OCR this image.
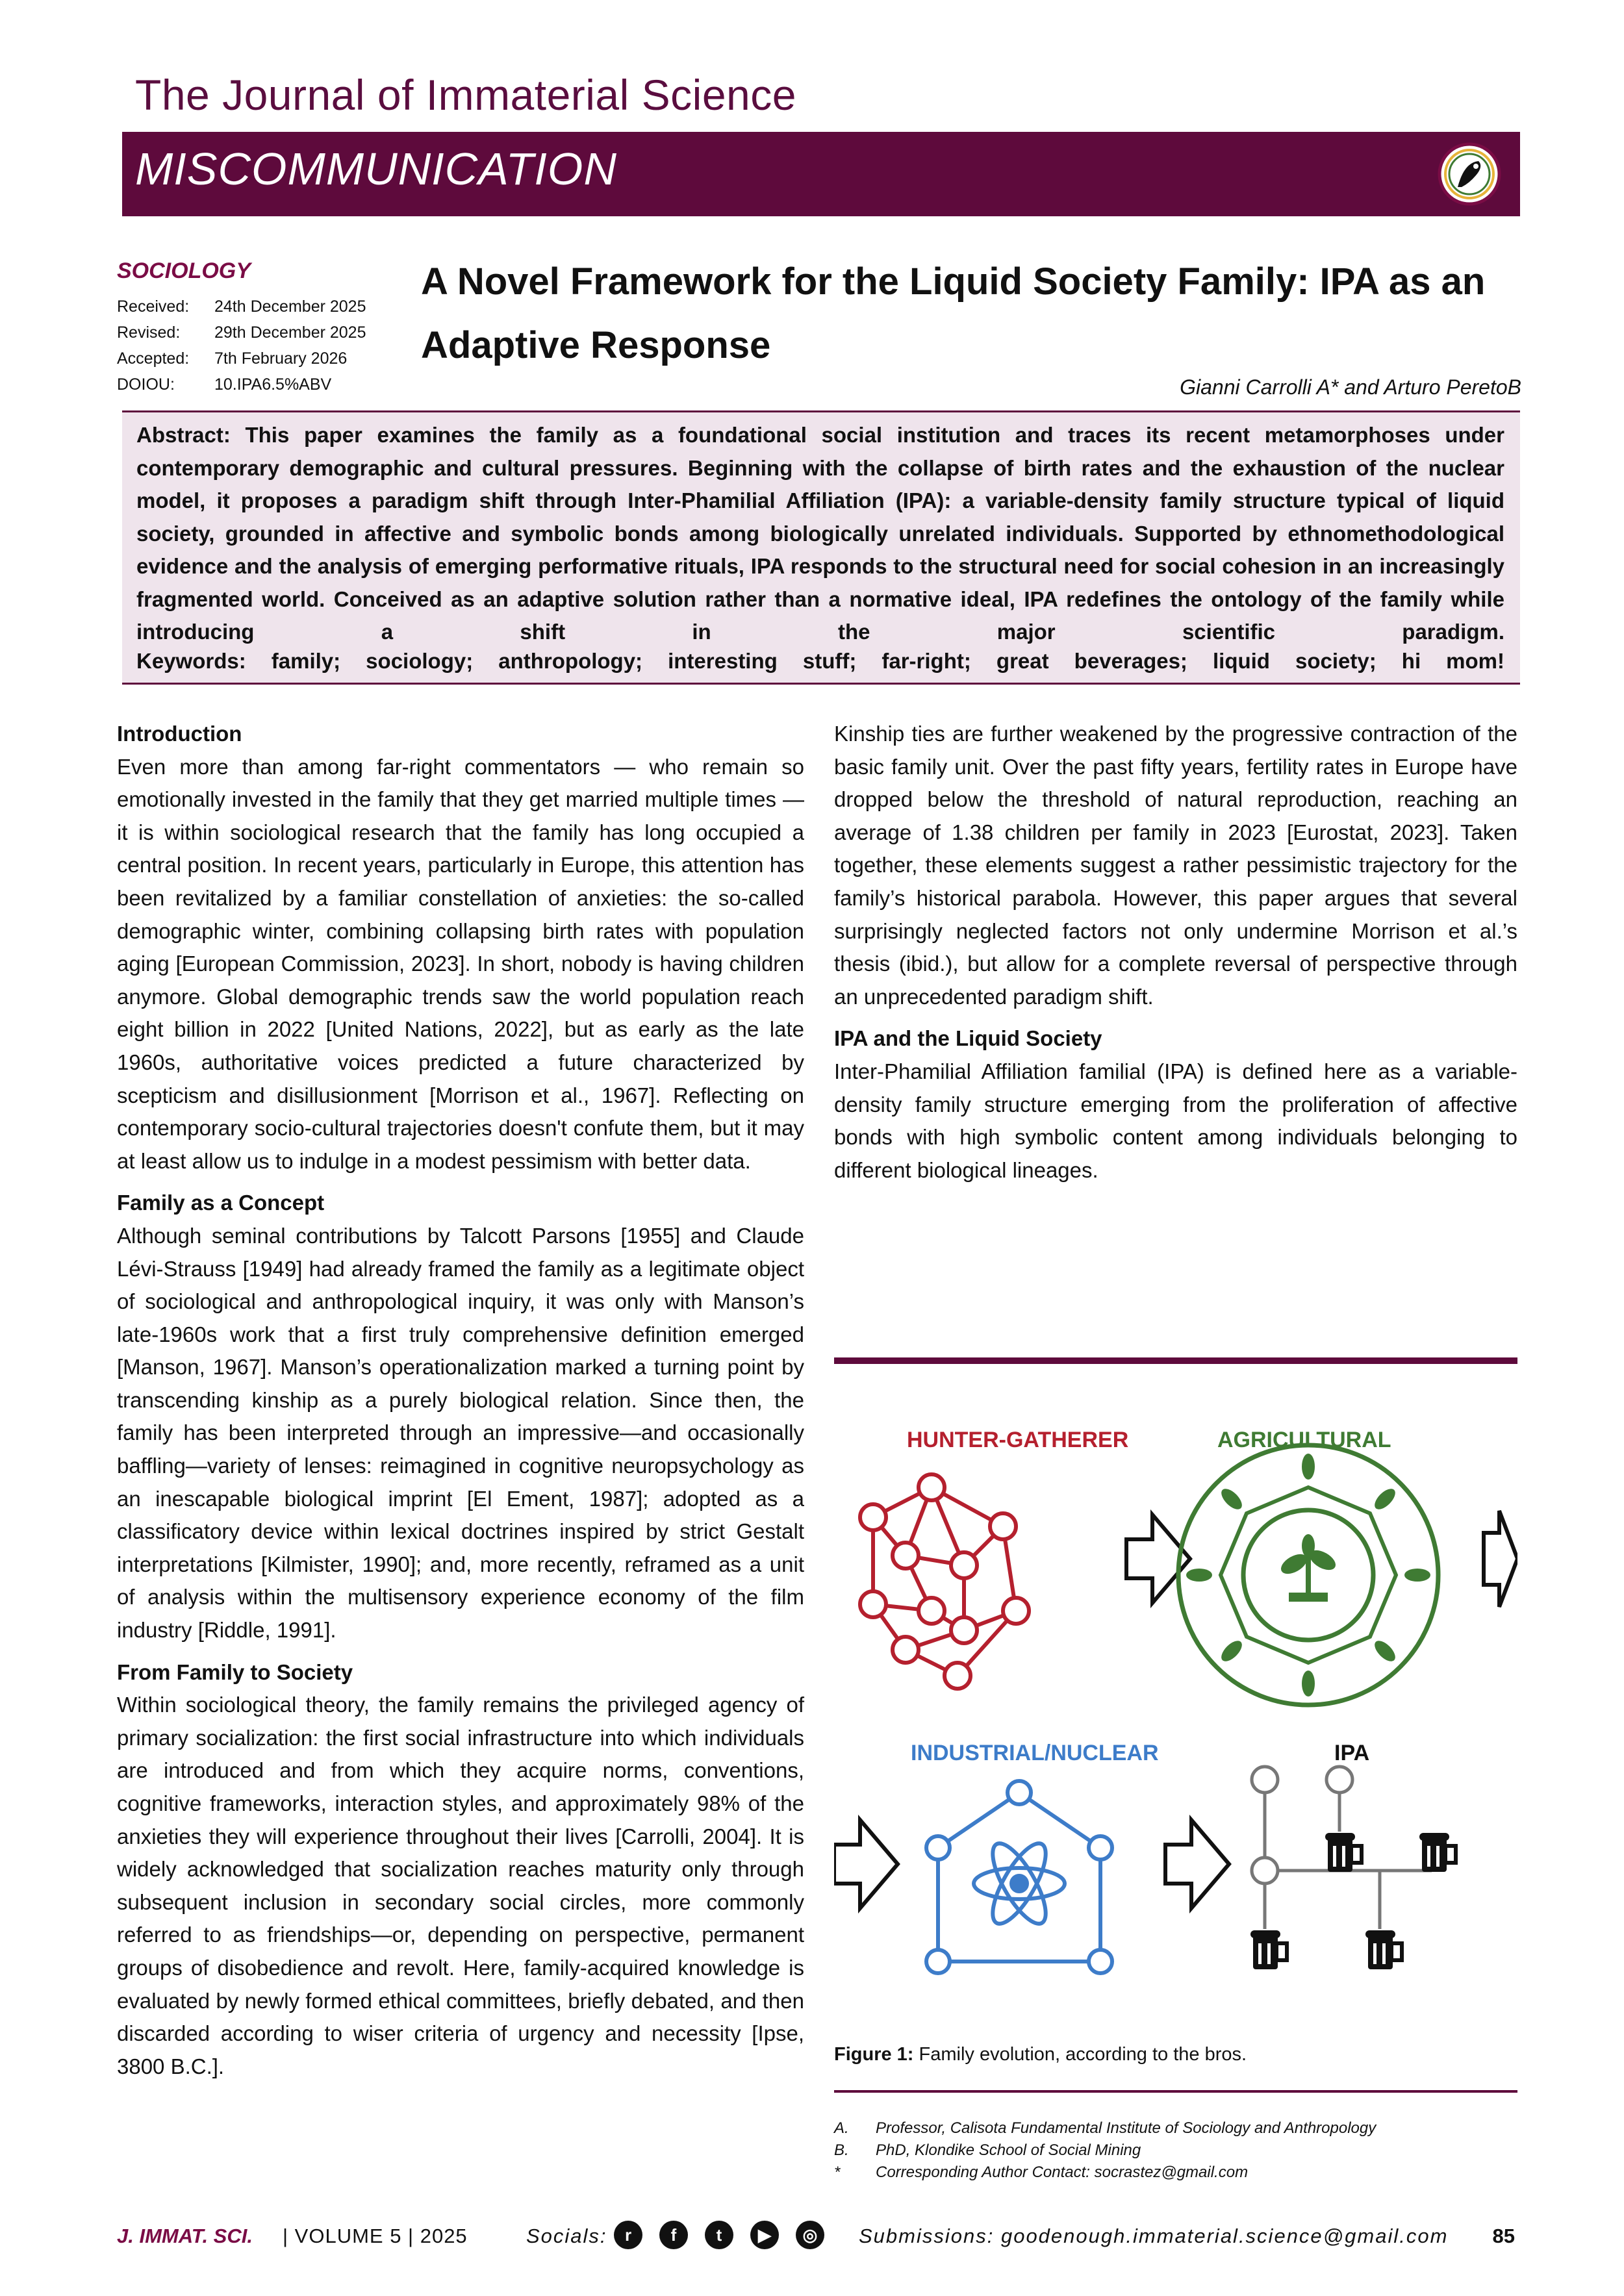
The Journal of Immaterial Science
MISCOMMUNICATION
SOCIOLOGY
Received:	24th December 2025
Revised:	29th December 2025
Accepted:	7th February 2026
DOIOU:	10.IPA6.5%ABV
A Novel Framework for the Liquid Society Family: IPA as an Adaptive Response
Gianni Carrolli A* and Arturo PeretoB

Abstract: This paper examines the family as a foundational social institution and traces its recent metamorphoses under contemporary demographic and cultural pressures. Beginning with the collapse of birth rates and the exhaustion of the nuclear model, it proposes a paradigm shift through Inter-Phamilial Affiliation (IPA): a variable-density family structure typical of liquid society, grounded in affective and symbolic bonds among biologically unrelated individuals. Supported by ethnomethodological evidence and the analysis of emerging performative rituals, IPA responds to the structural need for social cohesion in an increasingly fragmented world. Conceived as an adaptive solution rather than a normative ideal, IPA redefines the ontology of the family while introducing a shift in the major scientific paradigm.

Keywords: family; sociology; anthropology; interesting stuff; far-right; great beverages; liquid society; hi mom!

Introduction

Even more than among far-right commentators — who remain so emotionally invested in the family that they get married multiple times — it is within sociological research that the family has long occupied a central position. In recent years, particularly in Europe, this attention has been revitalized by a familiar constellation of anxieties: the so-called demographic winter, combining collapsing birth rates with population aging [European Commission, 2023]. In short, nobody is having children anymore. Global demographic trends saw the world population reach eight billion in 2022 [United Nations, 2022], but as early as the late 1960s, authoritative voices predicted a future characterized by scepticism and disillusionment [Morrison et al., 1967]. Reflecting on contemporary socio-cultural trajectories doesn't confute them, but it may at least allow us to indulge in a modest pessimism with better data.

Family as a Concept

Although seminal contributions by Talcott Parsons [1955] and Claude Lévi-Strauss [1949] had already framed the family as a legitimate object of sociological and anthropological inquiry, it was only with Manson’s late-1960s work that a first truly comprehensive definition emerged [Manson, 1967]. Manson’s operationalization marked a turning point by transcending kinship as a purely biological relation. Since then, the family has been interpreted through an impressive—and occasionally baffling—variety of lenses: reimagined in cognitive neuropsychology as an inescapable biological imprint [El Ement, 1987]; adopted as a classificatory device within lexical doctrines inspired by strict Gestalt interpretations [Kilmister, 1990]; and, more recently, reframed as a unit of analysis within the multisensory experience economy of the film industry [Riddle, 1991].

From Family to Society

Within sociological theory, the family remains the privileged agency of primary socialization: the first social infrastructure into which individuals are introduced and from which they acquire norms, conventions, cognitive frameworks, interaction styles, and approximately 98% of the anxieties they will experience throughout their lives [Carrolli, 2004]. It is widely acknowledged that socialization reaches maturity only through subsequent inclusion in secondary social circles, more commonly referred to as friendships—or, depending on perspective, permanent groups of disobedience and revolt. Here, family-acquired knowledge is evaluated by newly formed ethical committees, briefly debated, and then discarded according to wiser criteria of urgency and necessity [Ipse, 3800 B.C.].

Kinship ties are further weakened by the progressive contraction of the basic family unit. Over the past fifty years, fertility rates in Europe have dropped below the threshold of natural reproduction, reaching an average of 1.38 children per family in 2023 [Eurostat, 2023]. Taken together, these elements suggest a rather pessimistic trajectory for the family’s historical parabola. However, this paper argues that several surprisingly neglected factors not only undermine Morrison et al.’s thesis (ibid.), but allow for a complete reversal of perspective through an unprecedented paradigm shift.

IPA and the Liquid Society

Inter-Phamilial Affiliation familial (IPA) is defined here as a variable-density family structure emerging from the proliferation of affective bonds with high symbolic content among individuals belonging to different biological lineages.

HUNTER-GATHERER	AGRICULTURAL
INDUSTRIAL/NUCLEAR	IPA
Figure 1: Family evolution, according to the bros.
A.	Professor, Calisota Fundamental Institute of Sociology and Anthropology
B.	PhD, Klondike School of Social Mining
*	Corresponding Author Contact: socrastez@gmail.com
J. IMMAT. SCI. | VOLUME 5 | 2025	Socials:	r	f	t	▶	◎	Submissions: goodenough.immaterial.science@gmail.com 85
